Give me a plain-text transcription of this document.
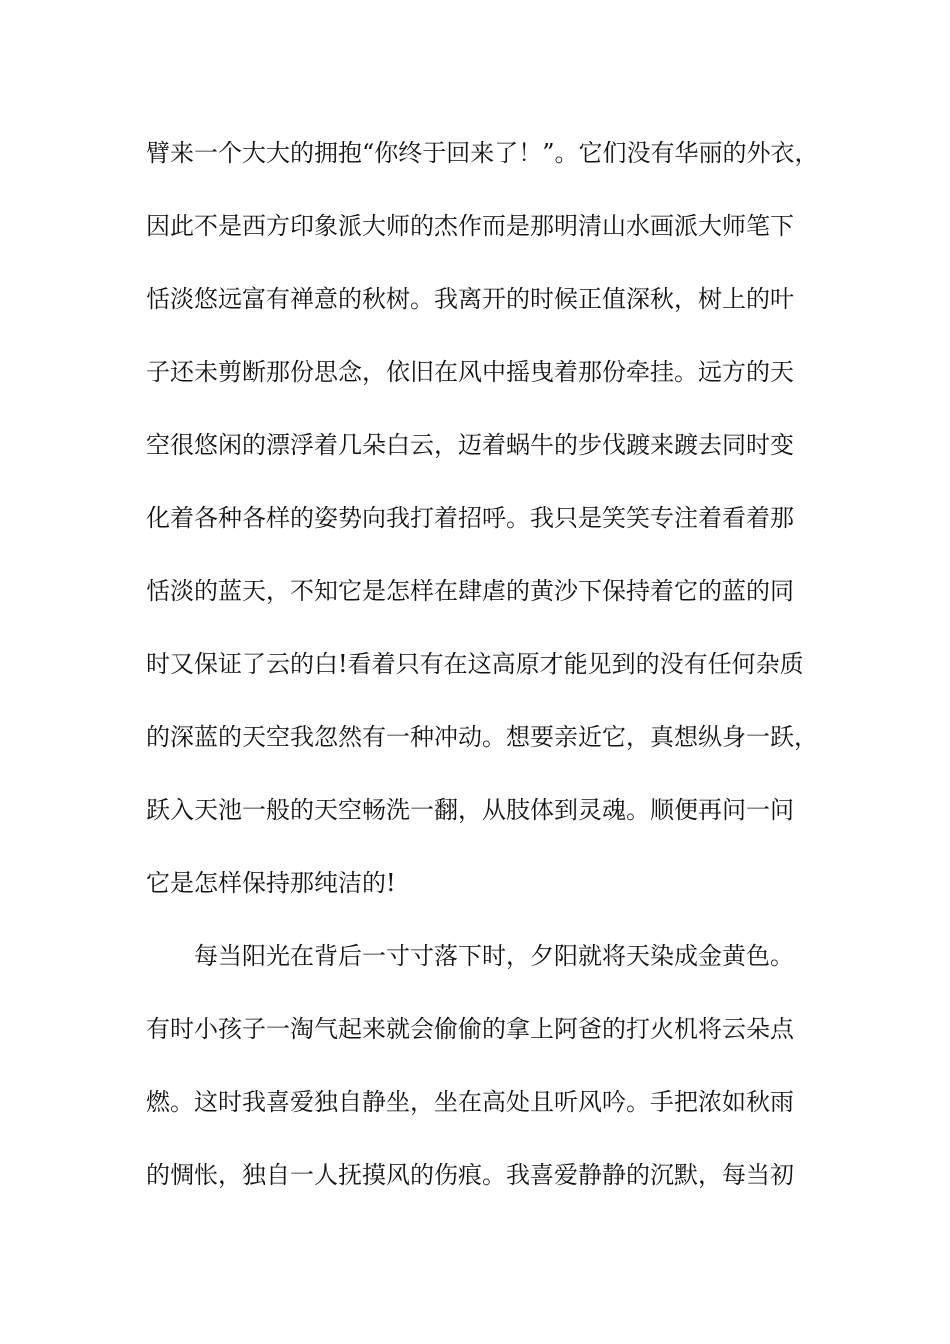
臂来一个大大的拥抱“你终于回来了！”。它们没有华丽的外衣，
因此不是西方印象派大师的杰作而是那明清山水画派大师笔下
恬淡悠远富有禅意的秋树。我离开的时候正值深秋，树上的叶
子还未剪断那份思念，依旧在风中摇曳着那份牵挂。远方的天
空很悠闲的漂浮着几朵白云，迈着蜗牛的步伐踱来踱去同时变
化着各种各样的姿势向我打着招呼。我只是笑笑专注着看着那
恬淡的蓝天，不知它是怎样在肆虐的黄沙下保持着它的蓝的同
时又保证了云的白!看着只有在这高原才能见到的没有任何杂质
的深蓝的天空我忽然有一种冲动。想要亲近它，真想纵身一跃，
跃入天池一般的天空畅洗一翻，从肢体到灵魂。顺便再问一问
它是怎样保持那纯洁的!
每当阳光在背后一寸寸落下时，夕阳就将天染成金黄色。
有时小孩子一淘气起来就会偷偷的拿上阿爸的打火机将云朵点
燃。这时我喜爱独自静坐，坐在高处且听风吟。手把浓如秋雨
的惆怅，独自一人抚摸风的伤痕。我喜爱静静的沉默，每当初
